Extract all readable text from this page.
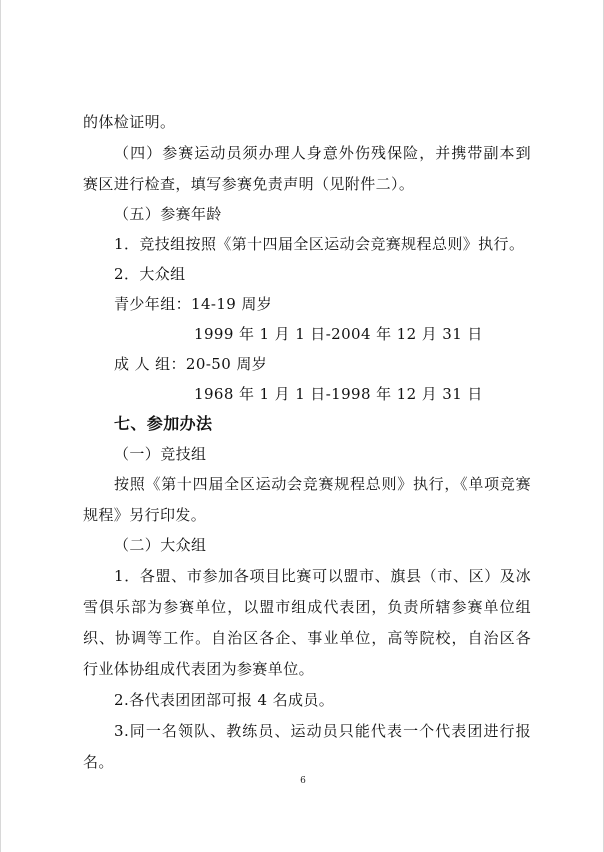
的体检证明。
（四）参赛运动员须办理人身意外伤残保险，并携带副本到
赛区进行检查，填写参赛免责声明（见附件二）。
（五）参赛年龄
1．竞技组按照《第十四届全区运动会竞赛规程总则》执行。
2．大众组
青少年组：14-19 周岁
1999 年 1 月 1 日-2004 年 12 月 31 日
成 人 组：20-50 周岁
1968 年 1 月 1 日-1998 年 12 月 31 日
七、参加办法
（一）竞技组
按照《第十四届全区运动会竞赛规程总则》执行，《单项竞赛
规程》另行印发。
（二）大众组
1．各盟、市参加各项目比赛可以盟市、旗县（市、区）及冰
雪俱乐部为参赛单位，以盟市组成代表团，负责所辖参赛单位组
织、协调等工作。自治区各企、事业单位，高等院校，自治区各
行业体协组成代表团为参赛单位。
2.各代表团团部可报 4 名成员。
3.同一名领队、教练员、运动员只能代表一个代表团进行报
名。
6
